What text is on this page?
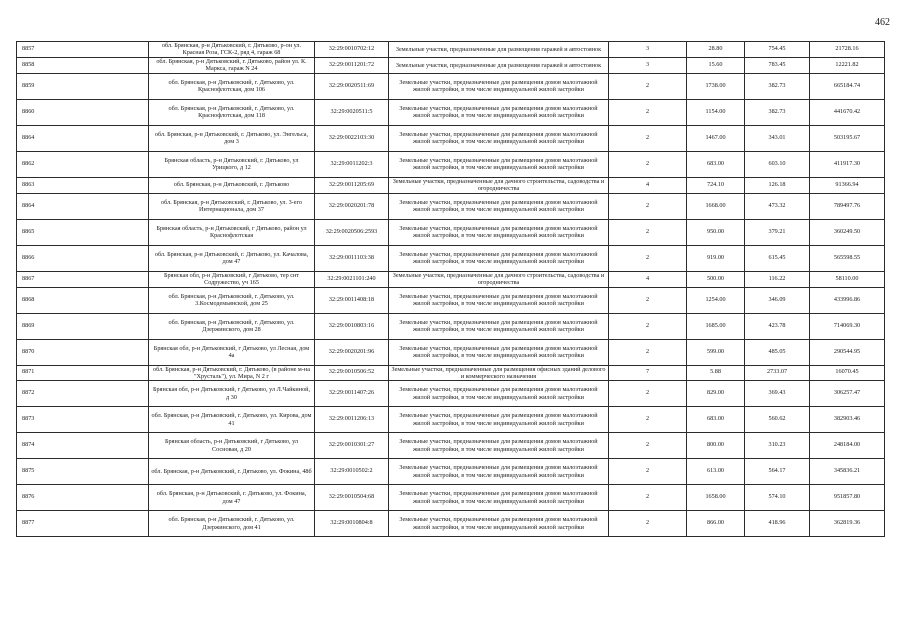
462
8857	обл. Брянская, р-н Дятьковский, г. Дятьково, р-он ул. Красная Роза, ГСК-2, ряд 4, гараж 68	32:29:0010702:12	Земельные участки, предназначенные для размещения гаражей и автостоянок	3	28.80	754.45	21728.16
8858	обл. Брянская, р-н Дятьковский, г. Дятьково, район ул. К. Маркса, гараж N 24	32:29:0011201:72	Земельные участки, предназначенные для размещения гаражей и автостоянок	3	15.60	783.45	12221.82
8859	обл. Брянская, р-н Дятьковский, г. Дятьково, ул. Краснофлотская, дом 106	32:29:0020511:69	Земельные участки, предназначенные для размещения домов малоэтажной жилой застройки, в том числе индивидуальной жилой застройки	2	1738.00	382.73	665184.74
8860	обл. Брянская, р-н Дятьковский, г. Дятьково, ул. Краснофлотская, дом 118	32:29:0020511:5	Земельные участки, предназначенные для размещения домов малоэтажной жилой застройки, в том числе индивидуальной жилой застройки	2	1154.00	382.73	441670.42
8864	обл. Брянская, р-н Дятьковский, г. Дятьково, ул. Энгельса, дом 3	32:29:0022103:30	Земельные участки, предназначенные для размещения домов малоэтажной жилой застройки, в том числе индивидуальной жилой застройки	2	1467.00	343.01	503195.67
8862	Брянская область, р-н Дятьковский, г. Дятьково, ул Урицкого, д 12	32:29:0011202:3	Земельные участки, предназначенные для размещения домов малоэтажной жилой застройки, в том числе индивидуальной жилой застройки	2	683.00	603.10	411917.30
8863	обл. Брянская, р-н Дятьковский, г. Дятьково	32:29:0011205:69	Земельные участки, предназначенные для дачного строительства, садоводства и огородничества	4	724.10	126.18	91366.94
8864	обл. Брянская, р-н Дятьковский, г. Дятьково, ул. 3-его Интернационала, дом 37	32:29:0020201:78	Земельные участки, предназначенные для размещения домов малоэтажной жилой застройки, в том числе индивидуальной жилой застройки	2	1668.00	473.32	789497.76
8865	Брянская область, р-н Дятьковский, г Дятьково, район ул Краснофлотская	32:29:0020506:2593	Земельные участки, предназначенные для размещения домов малоэтажной жилой застройки, в том числе индивидуальной жилой застройки	2	950.00	379.21	360249.50
8866	обл. Брянская, р-н Дятьковский, г. Дятьково, ул. Качалова, дом 47	32:29:0011103:38	Земельные участки, предназначенные для размещения домов малоэтажной жилой застройки, в том числе индивидуальной жилой застройки	2	919.00	615.45	565598.55
8867	Брянская обл, р-н Дятьковский, г Дятьково, тер снт Содружество, уч 165	32:29:0021101:240	Земельные участки, предназначенные для дачного строительства, садоводства и огородничества	4	500.00	116.22	58110.00
8868	обл. Брянская, р-н Дятьковский, г. Дятьково, ул. 3.Космодемьянской, дом 25	32:29:0011408:18	Земельные участки, предназначенные для размещения домов малоэтажной жилой застройки, в том числе индивидуальной жилой застройки	2	1254.00	346.09	433996.86
8869	обл. Брянская, р-н Дятьковский, г. Дятьково, ул. Дзержинского, дом 28	32:29:0010803:16	Земельные участки, предназначенные для размещения домов малоэтажной жилой застройки, в том числе индивидуальной жилой застройки	2	1685.00	423.78	714069.30
8870	Брянская обл, р-н Дятьковский, г Дятьково, ул Лесная, дом 4а	32:29:0020201:96	Земельные участки, предназначенные для размещения домов малоэтажной жилой застройки, в том числе индивидуальной жилой застройки	2	599.00	485.05	290544.95
8871	обл. Брянская, р-н Дятьковский, г. Дятьково, (в районе м-на "Хрусталь"), ул. Мира, N 2 г	32:29:0010506:52	Земельные участки, предназначенные для размещения офисных зданий делового и коммерческого назначения	7	5.88	2733.07	16070.45
8872	Брянская обл, р-н Дятьковский, г Дятьково, ул Л.Чайкиной, д 30	32:29:0011407:26	Земельные участки, предназначенные для размещения домов малоэтажной жилой застройки, в том числе индивидуальной жилой застройки	2	829.00	369.43	306257.47
8873	обл. Брянская, р-н Дятьковский, г. Дятьково, ул. Кирова, дом 41	32:29:0011206:13	Земельные участки, предназначенные для размещения домов малоэтажной жилой застройки, в том числе индивидуальной жилой застройки	2	683.00	560.62	382903.46
8874	Брянская область, р-н Дятьковский, г Дятьково, ул Сосновая, д 20	32:29:0010301:27	Земельные участки, предназначенные для размещения домов малоэтажной жилой застройки, в том числе индивидуальной жилой застройки	2	800.00	310.23	248184.00
8875	обл. Брянская, р-н Дятьковский, г. Дятьково, ул. Фокина, 48б	32:29:0010502:2	Земельные участки, предназначенные для размещения домов малоэтажной жилой застройки, в том числе индивидуальной жилой застройки	2	613.00	564.17	345836.21
8876	обл. Брянская, р-н Дятьковский, г. Дятьково, ул. Фокина, дом 47	32:29:0010504:68	Земельные участки, предназначенные для размещения домов малоэтажной жилой застройки, в том числе индивидуальной жилой застройки	2	1658.00	574.10	951857.80
8877	обл. Брянская, р-н Дятьковский, г. Дятьково, ул. Дзержинского, дом 41	32:29:0010804:8	Земельные участки, предназначенные для размещения домов малоэтажной жилой застройки, в том числе индивидуальной жилой застройки	2	866.00	418.96	362819.36
